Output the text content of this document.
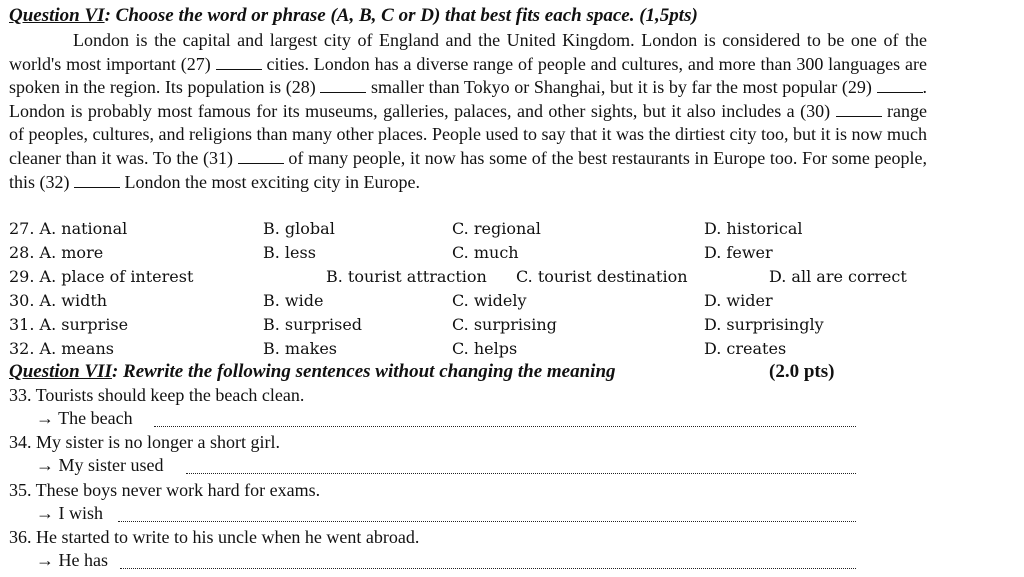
Question VI: Choose the word or phrase (A, B, C or D) that best fits each space. (1,5pts)
London is the capital and largest city of England and the United Kingdom. London is considered to be one of the world's most important (27)	cities. London has a diverse range of people and cultures, and more than 300 languages are spoken in the region. Its population is (28)	smaller than Tokyo or Shanghai, but it is by far the most popular (29)	. London is probably most famous for its museums, galleries, palaces, and other sights, but it also includes a (30)	range of peoples, cultures, and religions than many other places. People used to say that it was the dirtiest city too, but it is now much cleaner than it was. To the (31)	of many people, it now has some of the best restaurants in Europe too. For some people, this (32)	London the most exciting city in Europe.
27. A. national	B. global	C. regional	D. historical
28. A. more	B. less	C. much	D. fewer
29. A. place of interest	B. tourist attraction C. tourist destination	D. all are correct
30. A. width	B. wide	C. widely	D. wider
31. A. surprise	B. surprised	C. surprising	D. surprisingly
32. A. means	B. makes	C. helps	D. creates
Question VII: Rewrite the following sentences without changing the meaning	(2.0 pts)
33. Tourists should keep the beach clean.
→ The beach
34. My sister is no longer a short girl.
→ My sister used
35. These boys never work hard for exams.
→ I wish
36. He started to write to his uncle when he went abroad.
→ He has
